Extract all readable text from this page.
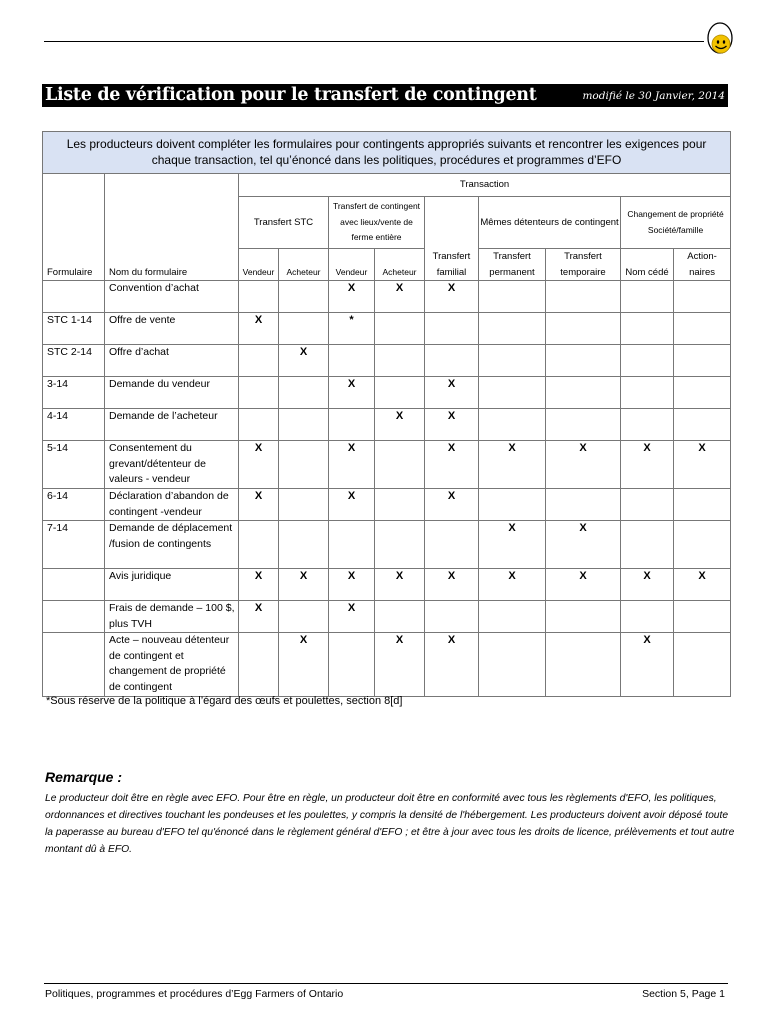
Liste de vérification pour le transfert de contingent	modifié le 30 Janvier, 2014
Les producteurs doivent compléter les formulaires pour contingents appropriés suivants et rencontrer les exigences pour chaque transaction, tel qu’énoncé dans les politiques, procédures et programmes d’EFO										
Formulaire	Nom du formulaire	Transaction								
		Transfert STC		Transfert de contingent avec lieux/vente de ferme entière		Transfert familial	Mêmes détenteurs de contingent		Changement de propriété Société/famille	
		Vendeur	Acheteur	Vendeur	Acheteur		Transfert permanent	Transfert temporaire	Nom cédé	Action- naires
	Convention d’achat			X	X	X				
STC 1-14	Offre de vente	X		*						
STC 2-14	Offre d’achat		X							
3-14	Demande du vendeur			X		X				
4-14	Demande de l’acheteur				X	X				
5-14	Consentement du grevant/détenteur de valeurs - vendeur	X		X		X	X	X	X	X
6-14	Déclaration d’abandon de contingent -vendeur	X		X		X				
7-14	Demande de déplacement /fusion de contingents						X	X		
	Avis juridique	X	X	X	X	X	X	X	X	X
	Frais de demande – 100 $, plus TVH	X		X						
	Acte – nouveau détenteur de contingent et changement de propriété de contingent		X		X	X			X	
*Sous réserve de la politique à l’égard des œufs et poulettes, section 8[d]
Remarque :
Le producteur doit être en règle avec EFO. Pour être en règle, un producteur doit être en conformité avec tous les règlements d'EFO, les politiques, ordonnances et directives touchant les pondeuses et les poulettes, y compris la densité de l'hébergement. Les producteurs doivent avoir déposé toute la paperasse au bureau d'EFO tel qu'énoncé dans le règlement général d'EFO ; et être à jour avec tous les droits de licence, prélèvements et tout autre montant dû à EFO.
Politiques, programmes et procédures d’Egg Farmers of Ontario	Section 5, Page 1
